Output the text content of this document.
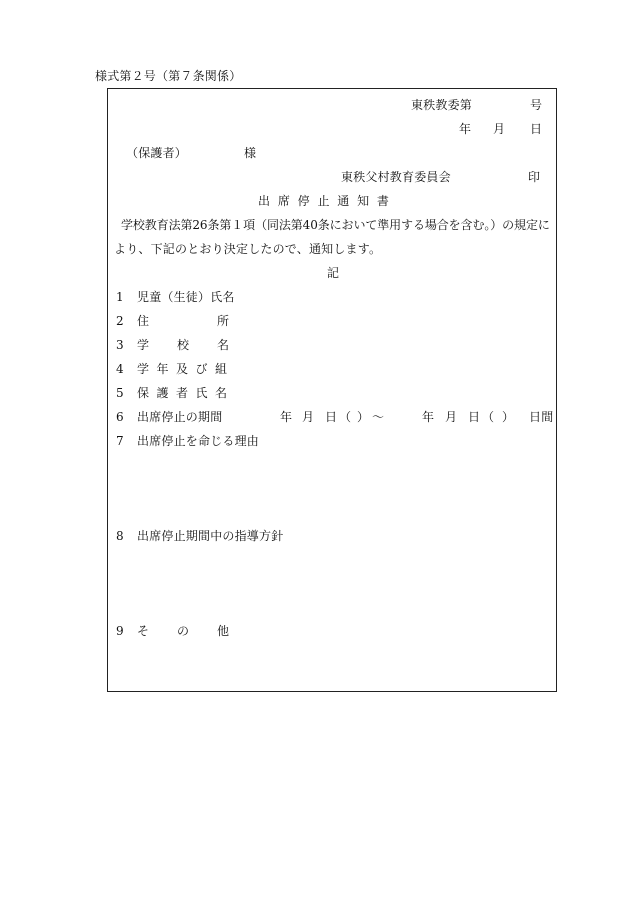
様式第２号（第７条関係）
東秩教委第	号
年 月 日
（保護者）	様
東秩父村教育委員会	印
出 席 停 止 通 知 書
学校教育法第26条第１項（同法第40条において準用する場合を含む。）の規定に
より、下記のとおり決定したので、通知します。
記
1 児童（生徒）氏名
2 住所
3 学校名
4 学年及び組
5 保護者氏名
6 出席停止の期間	年 月 日（ ） 〜	年 月 日（ ） 日間
7 出席停止を命じる理由
8 出席停止期間中の指導方針
9 その他
